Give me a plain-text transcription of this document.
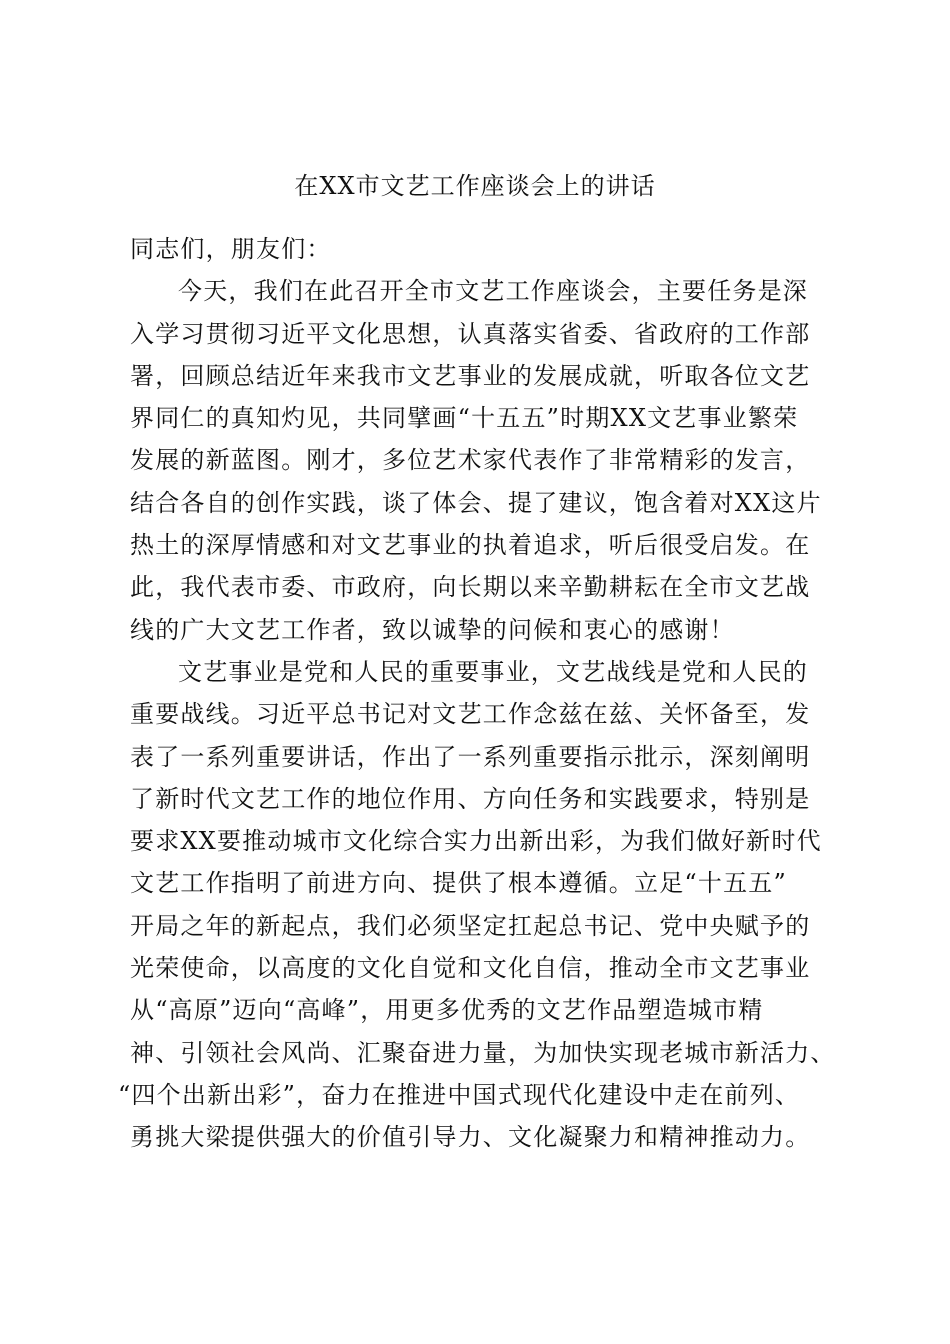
在XX市文艺工作座谈会上的讲话
同志们，朋友们：
今天，我们在此召开全市文艺工作座谈会，主要任务是深
入学习贯彻习近平文化思想，认真落实省委、省政府的工作部
署，回顾总结近年来我市文艺事业的发展成就，听取各位文艺
界同仁的真知灼见，共同擘画“十五五”时期XX文艺事业繁荣
发展的新蓝图。刚才，多位艺术家代表作了非常精彩的发言，
结合各自的创作实践，谈了体会、提了建议，饱含着对XX这片
热土的深厚情感和对文艺事业的执着追求，听后很受启发。在
此，我代表市委、市政府，向长期以来辛勤耕耘在全市文艺战
线的广大文艺工作者，致以诚挚的问候和衷心的感谢！
文艺事业是党和人民的重要事业，文艺战线是党和人民的
重要战线。习近平总书记对文艺工作念兹在兹、关怀备至，发
表了一系列重要讲话，作出了一系列重要指示批示，深刻阐明
了新时代文艺工作的地位作用、方向任务和实践要求，特别是
要求XX要推动城市文化综合实力出新出彩，为我们做好新时代
文艺工作指明了前进方向、提供了根本遵循。立足“十五五”
开局之年的新起点，我们必须坚定扛起总书记、党中央赋予的
光荣使命，以高度的文化自觉和文化自信，推动全市文艺事业
从“高原”迈向“高峰”，用更多优秀的文艺作品塑造城市精
神、引领社会风尚、汇聚奋进力量，为加快实现老城市新活力、
“四个出新出彩”，奋力在推进中国式现代化建设中走在前列、
勇挑大梁提供强大的价值引导力、文化凝聚力和精神推动力。
